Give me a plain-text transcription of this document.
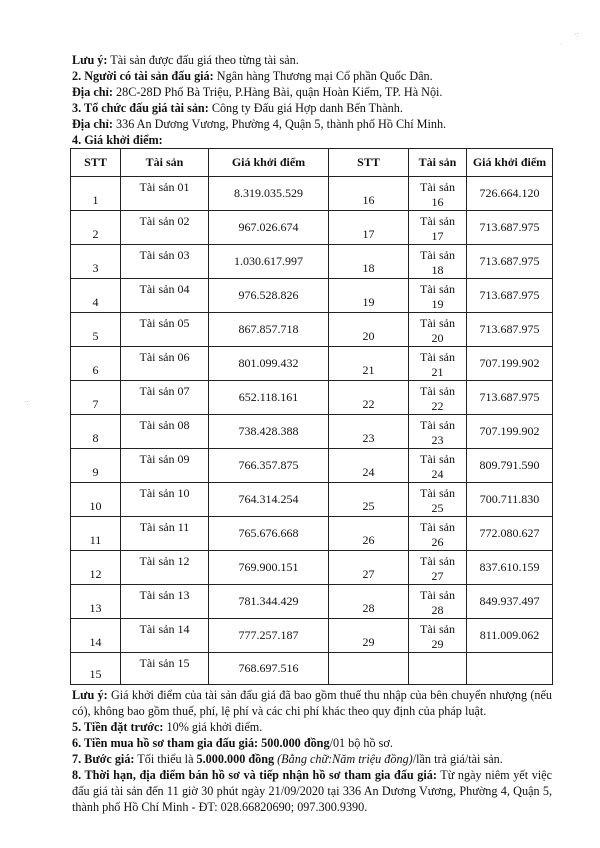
Lưu ý: Tài sản được đấu giá theo từng tài sản.
2. Người có tài sản đấu giá: Ngân hàng Thương mại Cổ phần Quốc Dân.
Địa chỉ: 28C-28D Phố Bà Triệu, P.Hàng Bài, quận Hoàn Kiếm, TP. Hà Nội.
3. Tổ chức đấu giá tài sản: Công ty Đấu giá Hợp danh Bến Thành.
Địa chỉ: 336 An Dương Vương, Phường 4, Quận 5, thành phố Hồ Chí Minh.
4. Giá khởi điểm:
STT	Tài sản	Giá khởi điểm	STT	Tài sản	Giá khởi điểm
1	Tài sản 01	8.319.035.529	16	Tài sản 16	726.664.120
2	Tài sản 02	967.026.674	17	Tài sản 17	713.687.975
3	Tài sản 03	1.030.617.997	18	Tài sản 18	713.687.975
4	Tài sản 04	976.528.826	19	Tài sản 19	713.687.975
5	Tài sản 05	867.857.718	20	Tài sản 20	713.687.975
6	Tài sản 06	801.099.432	21	Tài sản 21	707.199.902
7	Tài sản 07	652.118.161	22	Tài sản 22	713.687.975
8	Tài sản 08	738.428.388	23	Tài sản 23	707.199.902
9	Tài sản 09	766.357.875	24	Tài sản 24	809.791.590
10	Tài sản 10	764.314.254	25	Tài sản 25	700.711.830
11	Tài sản 11	765.676.668	26	Tài sản 26	772.080.627
12	Tài sản 12	769.900.151	27	Tài sản 27	837.610.159
13	Tài sản 13	781.344.429	28	Tài sản 28	849.937.497
14	Tài sản 14	777.257.187	29	Tài sản 29	811.009.062
15	Tài sản 15	768.697.516			
Lưu ý: Giá khởi điểm của tài sản đấu giá đã bao gồm thuế thu nhập của bên chuyển nhượng (nếu có), không bao gồm thuế, phí, lệ phí và các chi phí khác theo quy định của pháp luật.
5. Tiền đặt trước: 10% giá khởi điểm.
6. Tiền mua hồ sơ tham gia đấu giá: 500.000 đồng/01 bộ hồ sơ.
7. Bước giá: Tối thiểu là 5.000.000 đồng (Bằng chữ:Năm triệu đồng)/lần trả giá/tài sản.
8. Thời hạn, địa điểm bán hồ sơ và tiếp nhận hồ sơ tham gia đấu giá: Từ ngày niêm yết việc đấu giá tài sản đến 11 giờ 30 phút ngày 21/09/2020 tại 336 An Dương Vương, Phường 4, Quận 5, thành phố Hồ Chí Minh - ĐT: 028.66820690; 097.300.9390.
·:
·
·:
